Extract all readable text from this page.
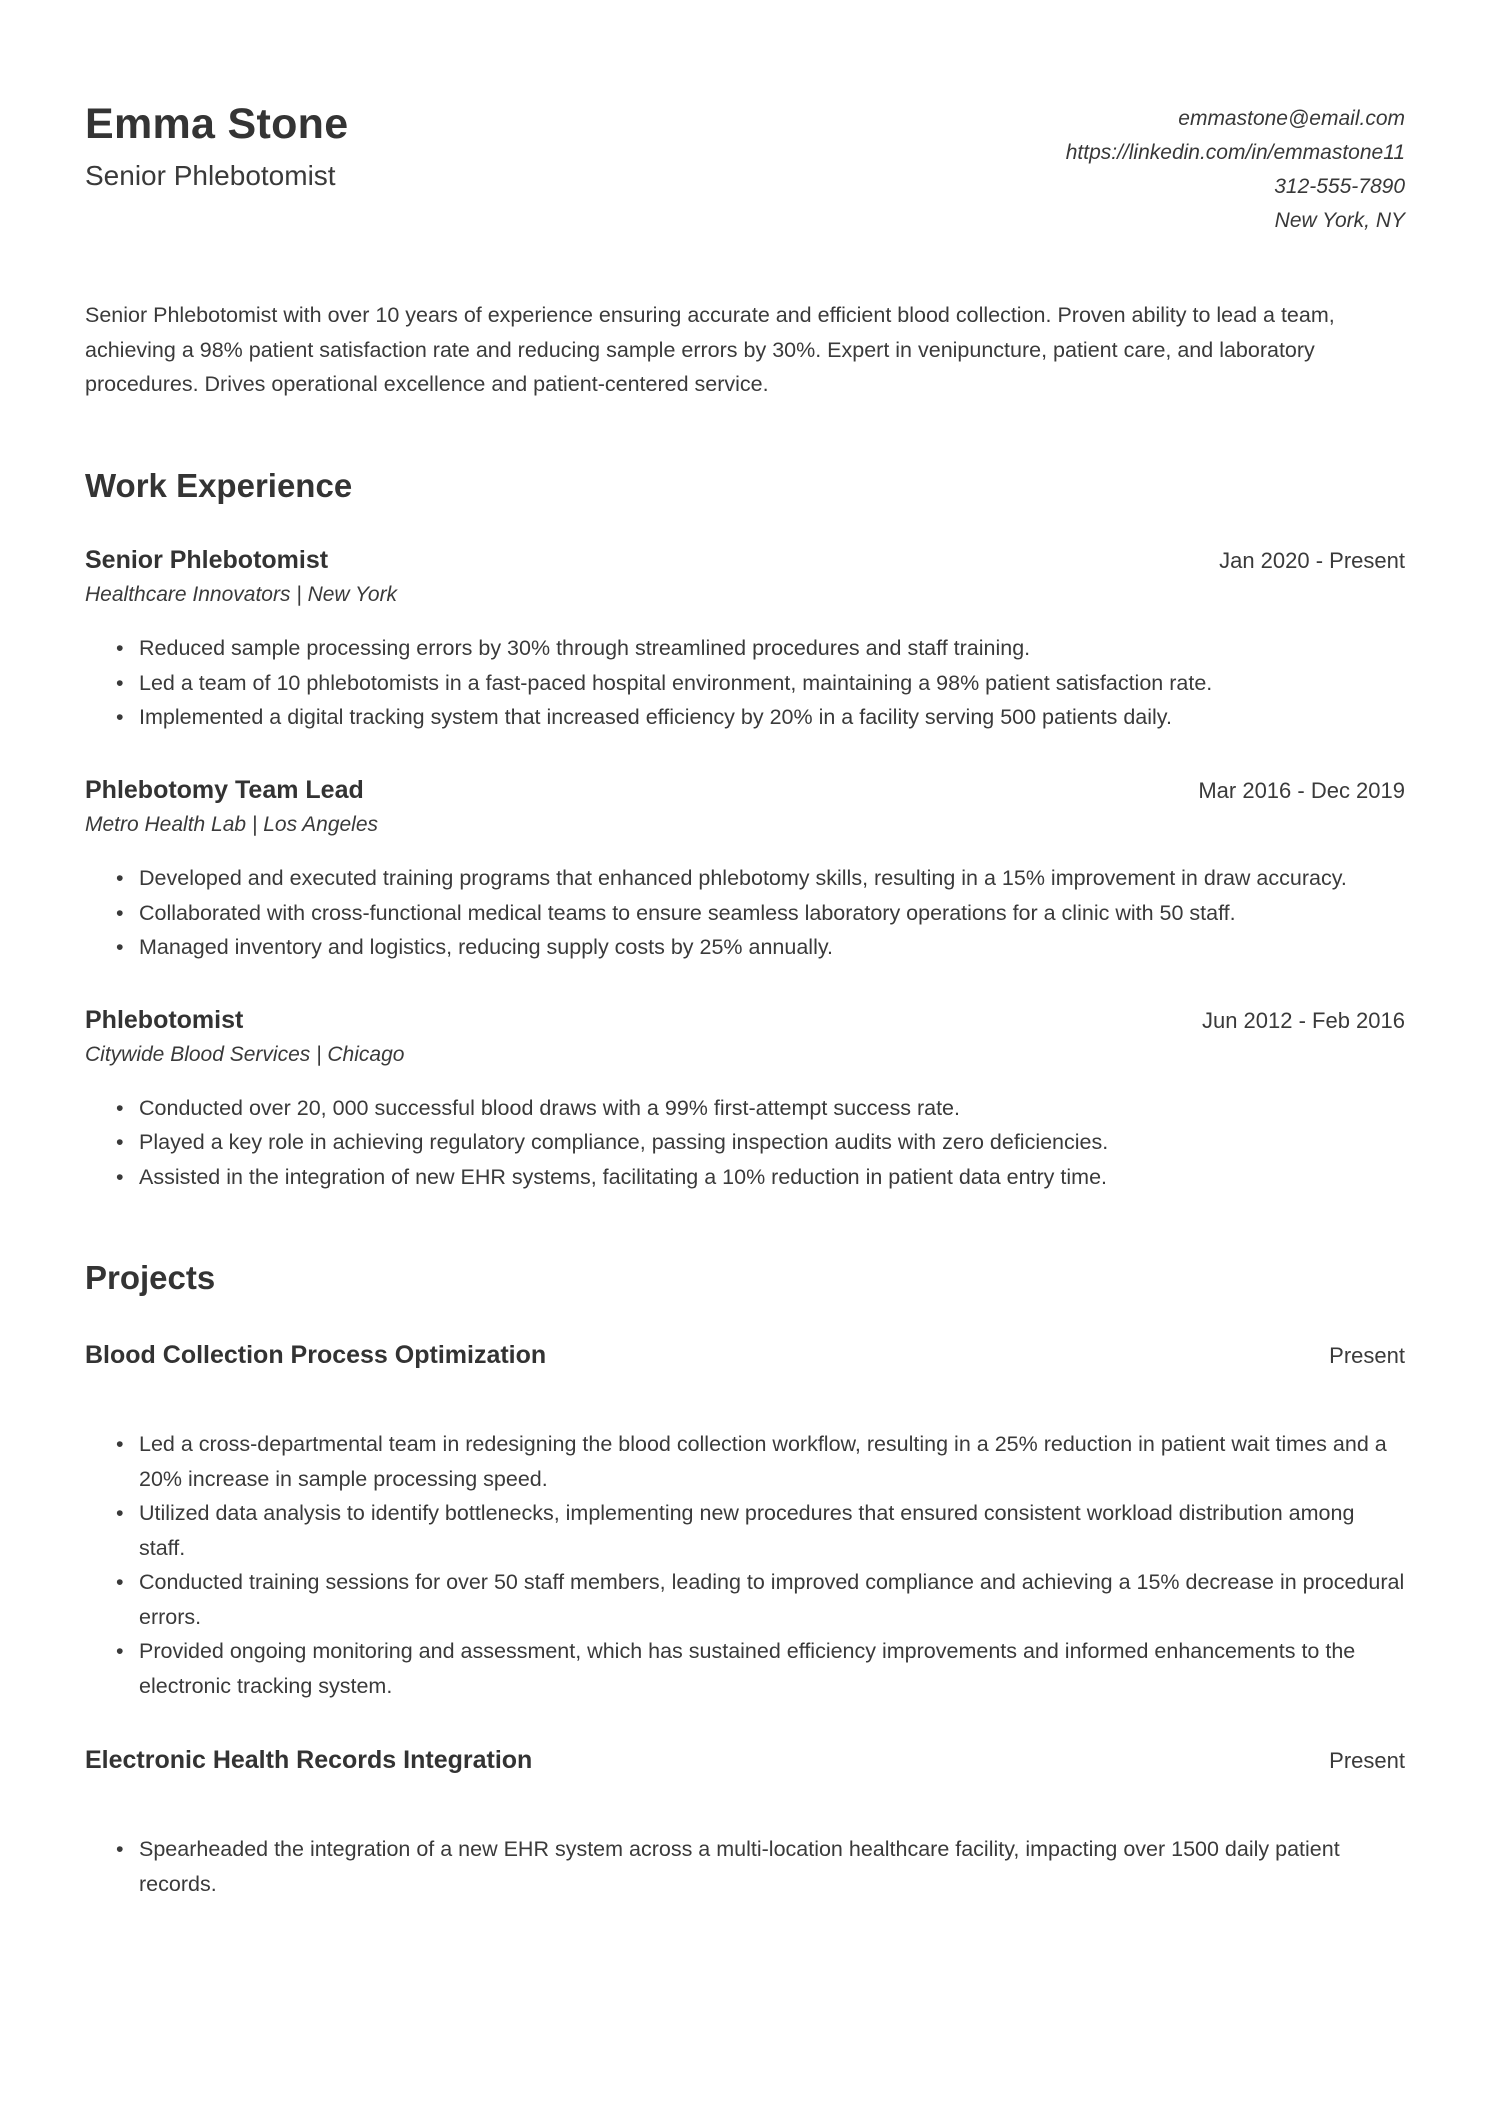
Emma Stone
Senior Phlebotomist
emmastone@email.com
https://linkedin.com/in/emmastone11
312-555-7890
New York, NY

Senior Phlebotomist with over 10 years of experience ensuring accurate and efficient blood collection. Proven ability to lead a team, achieving a 98% patient satisfaction rate and reducing sample errors by 30%. Expert in venipuncture, patient care, and laboratory procedures. Drives operational excellence and patient-centered service.

Work Experience
Senior Phlebotomist	Jan 2020 - Present
Healthcare Innovators | New York
• Reduced sample processing errors by 30% through streamlined procedures and staff training.
• Led a team of 10 phlebotomists in a fast-paced hospital environment, maintaining a 98% patient satisfaction rate.
• Implemented a digital tracking system that increased efficiency by 20% in a facility serving 500 patients daily.
Phlebotomy Team Lead	Mar 2016 - Dec 2019
Metro Health Lab | Los Angeles
• Developed and executed training programs that enhanced phlebotomy skills, resulting in a 15% improvement in draw accuracy.
• Collaborated with cross-functional medical teams to ensure seamless laboratory operations for a clinic with 50 staff.
• Managed inventory and logistics, reducing supply costs by 25% annually.
Phlebotomist	Jun 2012 - Feb 2016
Citywide Blood Services | Chicago
• Conducted over 20, 000 successful blood draws with a 99% first-attempt success rate.
• Played a key role in achieving regulatory compliance, passing inspection audits with zero deficiencies.
• Assisted in the integration of new EHR systems, facilitating a 10% reduction in patient data entry time.
Projects
Blood Collection Process Optimization	Present
• Led a cross-departmental team in redesigning the blood collection workflow, resulting in a 25% reduction in patient wait times and a 20% increase in sample processing speed.
• Utilized data analysis to identify bottlenecks, implementing new procedures that ensured consistent workload distribution among staff.
• Conducted training sessions for over 50 staff members, leading to improved compliance and achieving a 15% decrease in procedural errors.
• Provided ongoing monitoring and assessment, which has sustained efficiency improvements and informed enhancements to the electronic tracking system.
Electronic Health Records Integration	Present
• Spearheaded the integration of a new EHR system across a multi-location healthcare facility, impacting over 1500 daily patient records.
